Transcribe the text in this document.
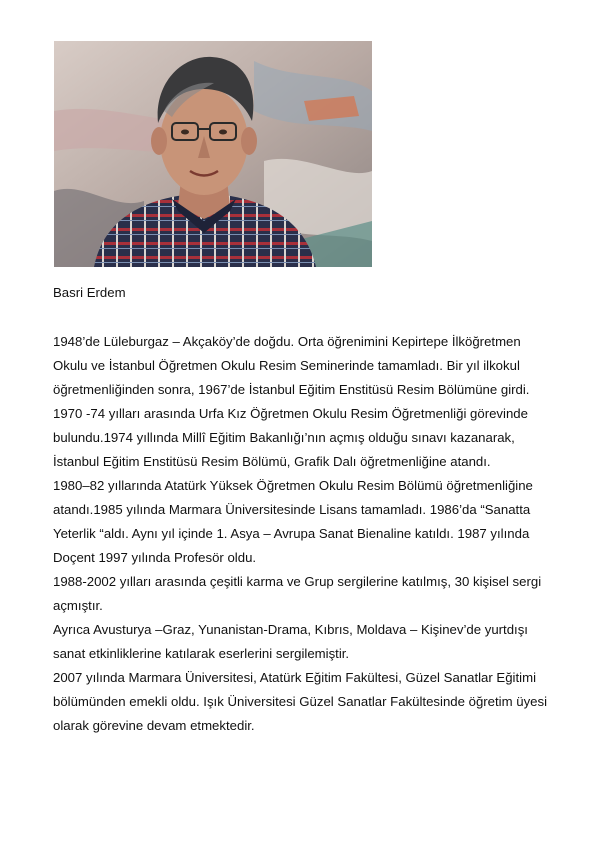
Basri Erdem
1948’de Lüleburgaz – Akçaköy’de doğdu. Orta öğrenimini Kepirtepe İlköğretmen
Okulu ve İstanbul Öğretmen Okulu Resim Seminerinde tamamladı. Bir yıl ilkokul
öğretmenliğinden sonra, 1967’de İstanbul Eğitim Enstitüsü Resim Bölümüne girdi.
1970 -74 yılları arasında Urfa Kız Öğretmen Okulu Resim Öğretmenliği görevinde
bulundu.1974 yıllında Millî Eğitim Bakanlığı’nın açmış olduğu sınavı kazanarak,
İstanbul Eğitim Enstitüsü Resim Bölümü, Grafik Dalı öğretmenliğine atandı.
1980–82 yıllarında Atatürk Yüksek Öğretmen Okulu Resim Bölümü öğretmenliğine
atandı.1985 yılında Marmara Üniversitesinde Lisans tamamladı. 1986’da “Sanatta
Yeterlik “aldı. Aynı yıl içinde 1. Asya – Avrupa Sanat Bienaline katıldı. 1987 yılında
Doçent 1997 yılında Profesör oldu.
1988-2002 yılları arasında çeşitli karma ve Grup sergilerine katılmış, 30 kişisel sergi
açmıştır.
Ayrıca Avusturya –Graz, Yunanistan-Drama, Kıbrıs, Moldava – Kişinev’de yurtdışı
sanat etkinliklerine katılarak eserlerini sergilemiştir.
2007 yılında Marmara Üniversitesi, Atatürk Eğitim Fakültesi, Güzel Sanatlar Eğitimi
bölümünden emekli oldu. Işık Üniversitesi Güzel Sanatlar Fakültesinde öğretim üyesi
olarak görevine devam etmektedir.
